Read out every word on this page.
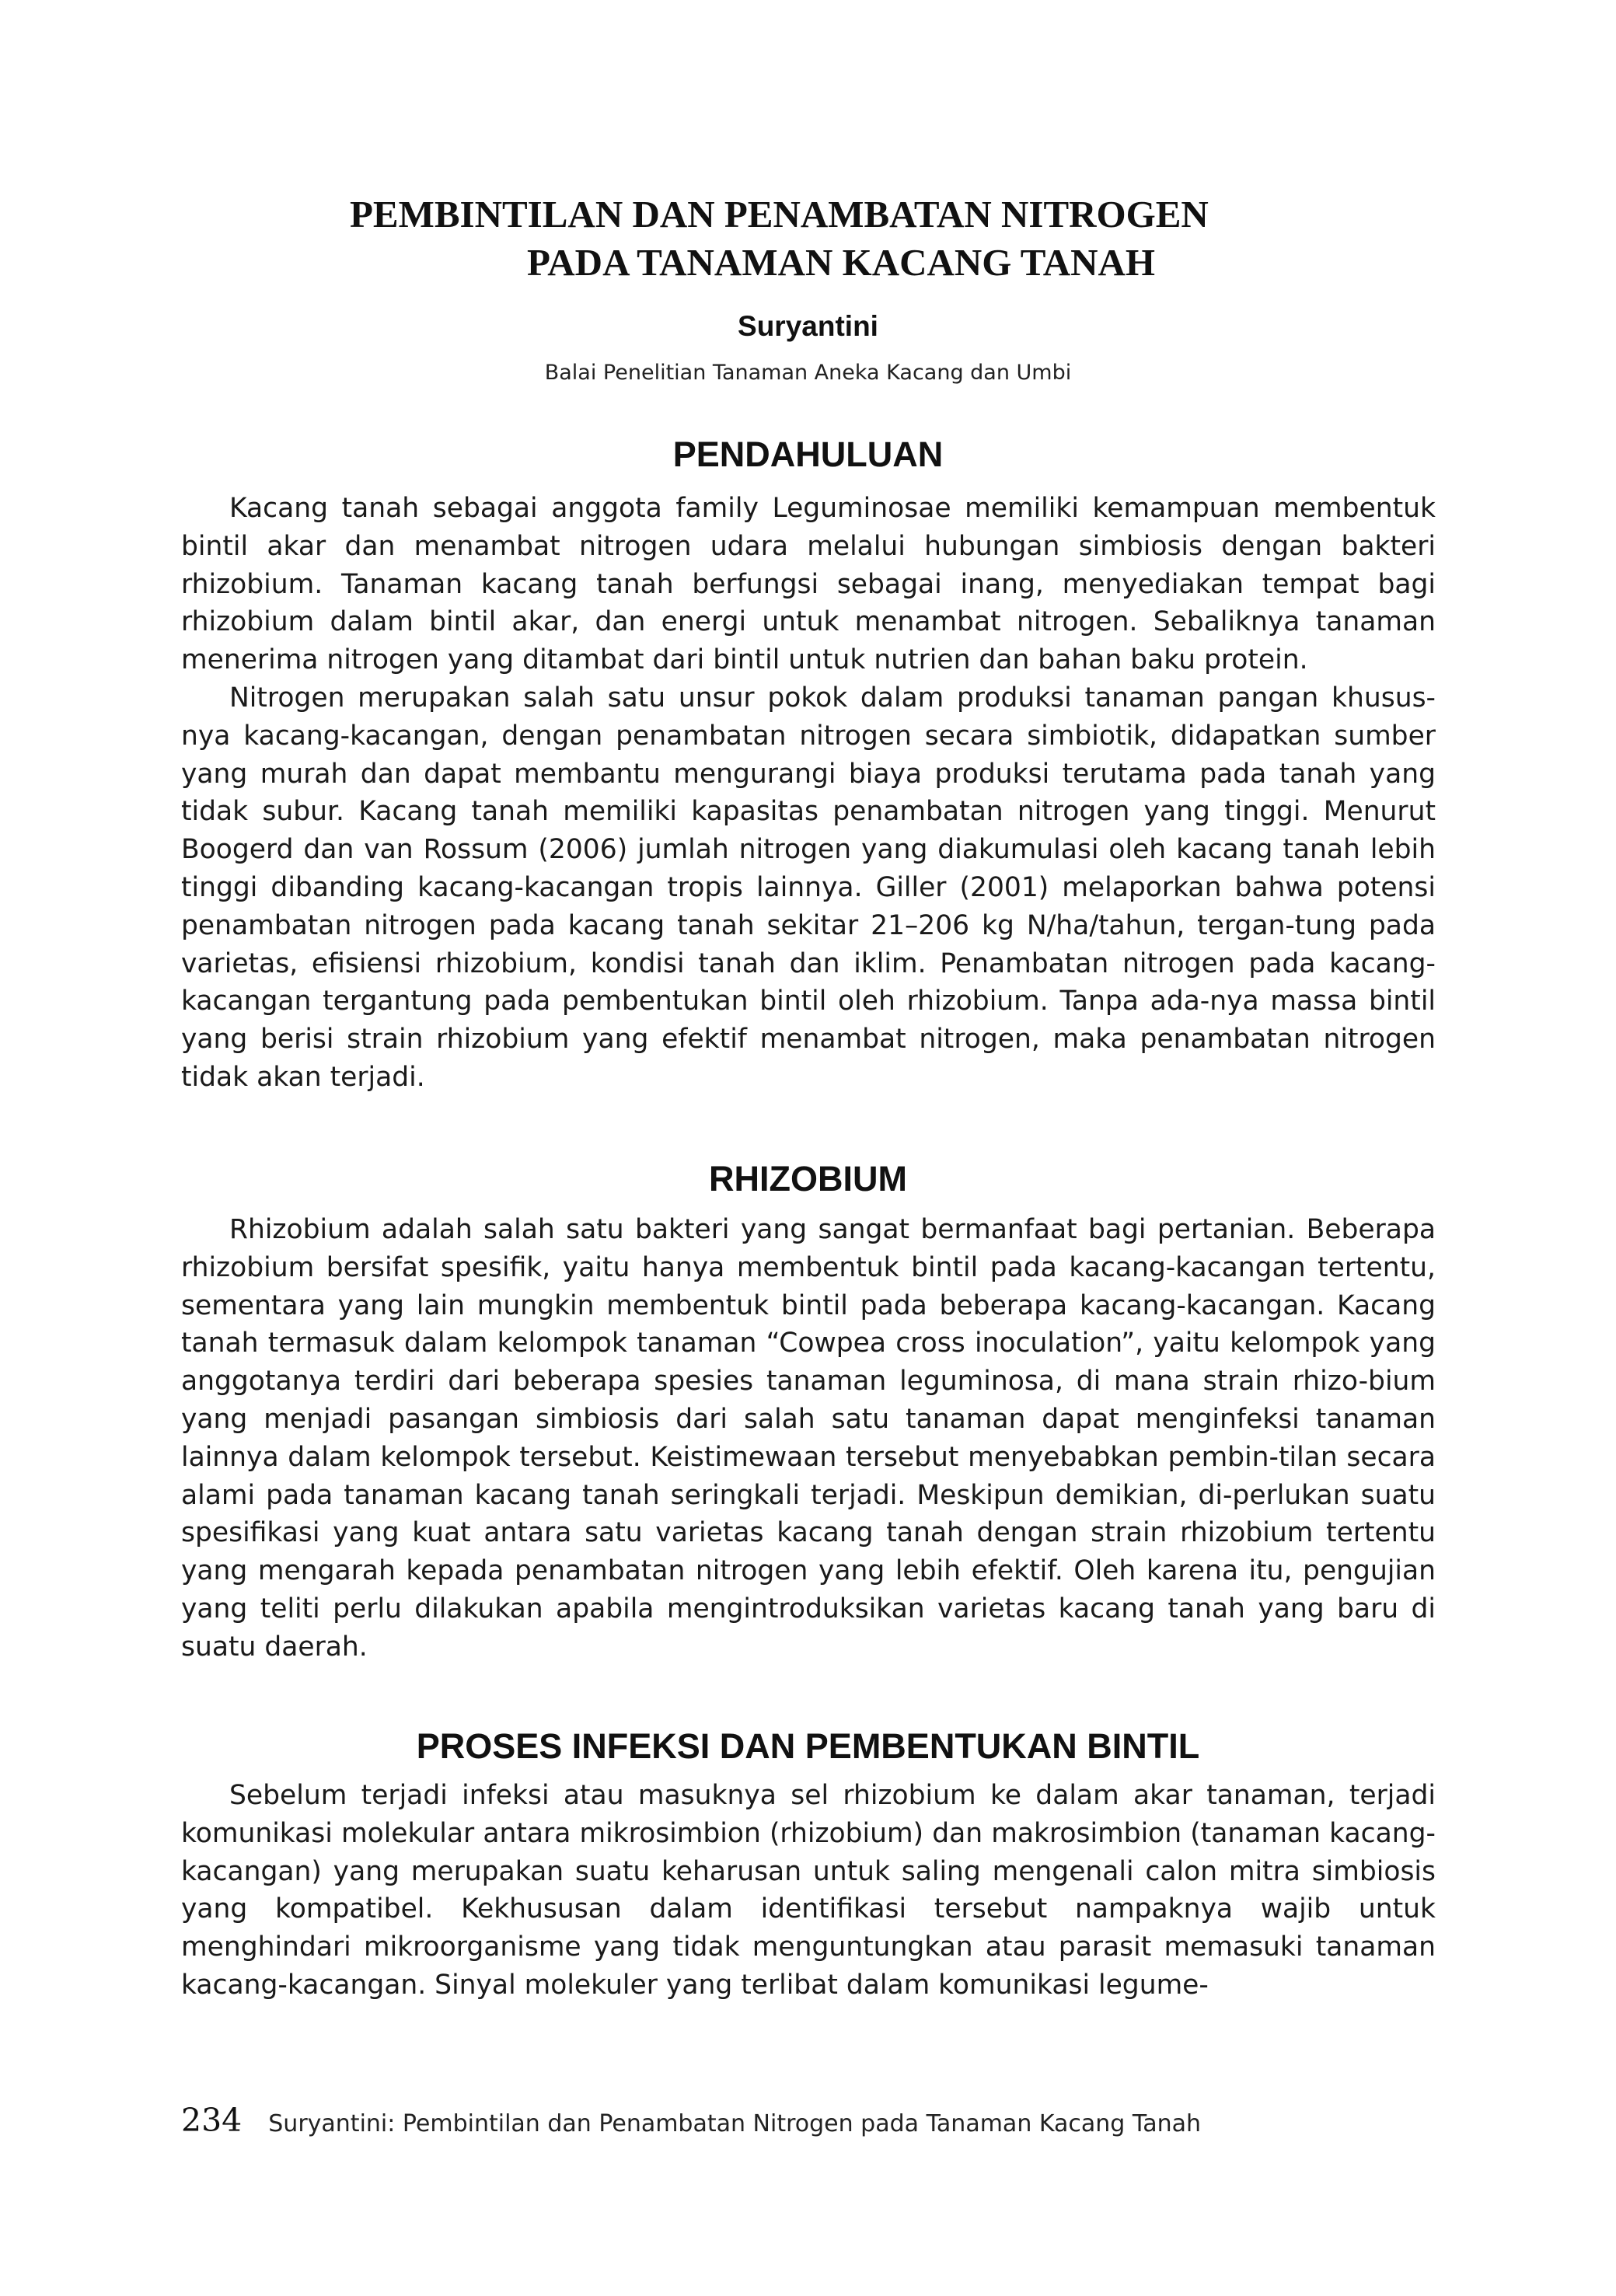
PEMBINTILAN DAN PENAMBATAN NITROGEN
PADA TANAMAN KACANG TANAH
Suryantini
Balai Penelitian Tanaman Aneka Kacang dan Umbi
PENDAHULUAN

Kacang tanah sebagai anggota family Leguminosae memiliki kemampuan membentuk bintil akar dan menambat nitrogen udara melalui hubungan simbiosis dengan bakteri rhizobium. Tanaman kacang tanah berfungsi sebagai inang, menyediakan tempat bagi rhizobium dalam bintil akar, dan energi untuk menambat nitrogen. Sebaliknya tanaman menerima nitrogen yang ditambat dari bintil untuk nutrien dan bahan baku protein.

Nitrogen merupakan salah satu unsur pokok dalam produksi tanaman pangan khusus-nya kacang-kacangan, dengan penambatan nitrogen secara simbiotik, didapatkan sumber yang murah dan dapat membantu mengurangi biaya produksi terutama pada tanah yang tidak subur. Kacang tanah memiliki kapasitas penambatan nitrogen yang tinggi. Menurut Boogerd dan van Rossum (2006) jumlah nitrogen yang diakumulasi oleh kacang tanah lebih tinggi dibanding kacang-kacangan tropis lainnya. Giller (2001) melaporkan bahwa potensi penambatan nitrogen pada kacang tanah sekitar 21–206 kg N/ha/tahun, tergan-tung pada varietas, efisiensi rhizobium, kondisi tanah dan iklim. Penambatan nitrogen pada kacang-kacangan tergantung pada pembentukan bintil oleh rhizobium. Tanpa ada-nya massa bintil yang berisi strain rhizobium yang efektif menambat nitrogen, maka penambatan nitrogen tidak akan terjadi.

RHIZOBIUM

Rhizobium adalah salah satu bakteri yang sangat bermanfaat bagi pertanian. Beberapa rhizobium bersifat spesifik, yaitu hanya membentuk bintil pada kacang-kacangan tertentu, sementara yang lain mungkin membentuk bintil pada beberapa kacang-kacangan. Kacang tanah termasuk dalam kelompok tanaman “Cowpea cross inoculation”, yaitu kelompok yang anggotanya terdiri dari beberapa spesies tanaman leguminosa, di mana strain rhizo-bium yang menjadi pasangan simbiosis dari salah satu tanaman dapat menginfeksi tanaman lainnya dalam kelompok tersebut. Keistimewaan tersebut menyebabkan pembin-tilan secara alami pada tanaman kacang tanah seringkali terjadi. Meskipun demikian, di-perlukan suatu spesifikasi yang kuat antara satu varietas kacang tanah dengan strain rhizobium tertentu yang mengarah kepada penambatan nitrogen yang lebih efektif. Oleh karena itu, pengujian yang teliti perlu dilakukan apabila mengintroduksikan varietas kacang tanah yang baru di suatu daerah.

PROSES INFEKSI DAN PEMBENTUKAN BINTIL

Sebelum terjadi infeksi atau masuknya sel rhizobium ke dalam akar tanaman, terjadi komunikasi molekular antara mikrosimbion (rhizobium) dan makrosimbion (tanaman kacang-kacangan) yang merupakan suatu keharusan untuk saling mengenali calon mitra simbiosis yang kompatibel. Kekhususan dalam identifikasi tersebut nampaknya wajib untuk menghindari mikroorganisme yang tidak menguntungkan atau parasit memasuki tanaman kacang-kacangan. Sinyal molekuler yang terlibat dalam komunikasi legume-

234 Suryantini: Pembintilan dan Penambatan Nitrogen pada Tanaman Kacang Tanah
